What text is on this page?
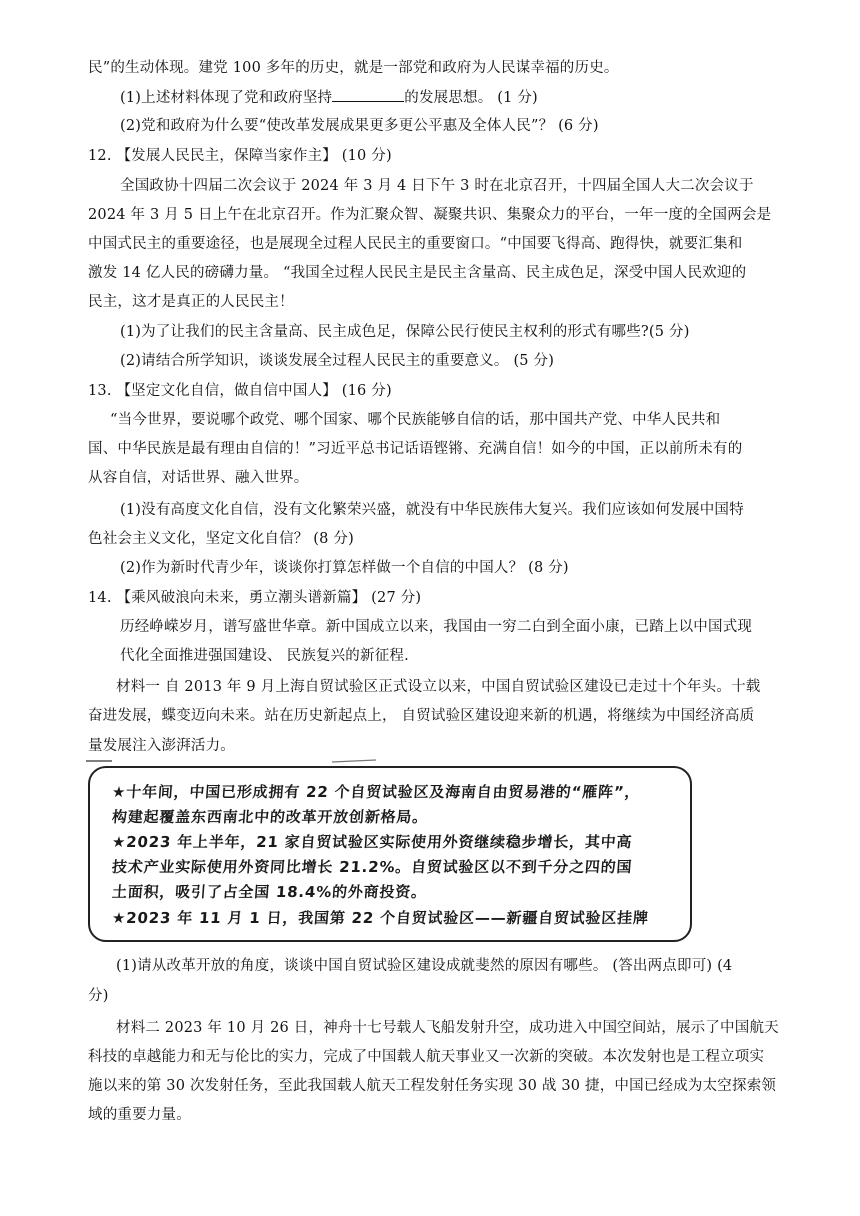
民”的生动体现。建党 100 多年的历史，就是一部党和政府为人民谋幸福的历史。
(1)上述材料体现了党和政府坚持	的发展思想。 (1 分)
(2)党和政府为什么要“使改革发展成果更多更公平惠及全体人民”？ (6 分)
12. 【发展人民民主，保障当家作主】 (10 分)
全国政协十四届二次会议于 2024 年 3 月 4 日下午 3 时在北京召开，十四届全国人大二次会议于
2024 年 3 月 5 日上午在北京召开。作为汇聚众智、凝聚共识、集聚众力的平台，一年一度的全国两会是
中国式民主的重要途径，也是展现全过程人民民主的重要窗口。“中国要飞得高、跑得快，就要汇集和
激发 14 亿人民的磅礴力量。 “我国全过程人民民主是民主含量高、民主成色足，深受中国人民欢迎的
民主，这才是真正的人民民主！
(1)为了让我们的民主含量高、民主成色足，保障公民行使民主权利的形式有哪些?(5 分)
(2)请结合所学知识，谈谈发展全过程人民民主的重要意义。 (5 分)
13. 【坚定文化自信，做自信中国人】 (16 分)
“当今世界，要说哪个政党、哪个国家、哪个民族能够自信的话，那中国共产党、中华人民共和
国、中华民族是最有理由自信的！”习近平总书记话语铿锵、充满自信！如今的中国，正以前所未有的
从容自信，对话世界、融入世界。
(1)没有高度文化自信，没有文化繁荣兴盛，就没有中华民族伟大复兴。我们应该如何发展中国特
色社会主义文化，坚定文化自信？ (8 分)
(2)作为新时代青少年，谈谈你打算怎样做一个自信的中国人？ (8 分)
14. 【乘风破浪向未来，勇立潮头谱新篇】 (27 分)
历经峥嵘岁月，谱写盛世华章。新中国成立以来，我国由一穷二白到全面小康，已踏上以中国式现
代化全面推进强国建设、 民族复兴的新征程.
材料一 自 2013 年 9 月上海自贸试验区正式设立以来，中国自贸试验区建设已走过十个年头。十载
奋进发展，蝶变迈向未来。站在历史新起点上， 自贸试验区建设迎来新的机遇，将继续为中国经济高质
量发展注入澎湃活力。
★十年间，中国已形成拥有 22 个自贸试验区及海南自由贸易港的“雁阵”，
构建起覆盖东西南北中的改革开放创新格局。
★2023 年上半年，21 家自贸试验区实际使用外资继续稳步增长，其中高
技术产业实际使用外资同比增长 21.2%。自贸试验区以不到千分之四的国
土面积，吸引了占全国 18.4%的外商投资。
★2023 年 11 月 1 日，我国第 22 个自贸试验区——新疆自贸试验区挂牌
(1)请从改革开放的角度，谈谈中国自贸试验区建设成就斐然的原因有哪些。 (答出两点即可) (4
分)
材料二 2023 年 10 月 26 日，神舟十七号载人飞船发射升空，成功进入中国空间站，展示了中国航天
科技的卓越能力和无与伦比的实力，完成了中国载人航天事业又一次新的突破。本次发射也是工程立项实
施以来的第 30 次发射任务，至此我国载人航天工程发射任务实现 30 战 30 捷，中国已经成为太空探索领
域的重要力量。
